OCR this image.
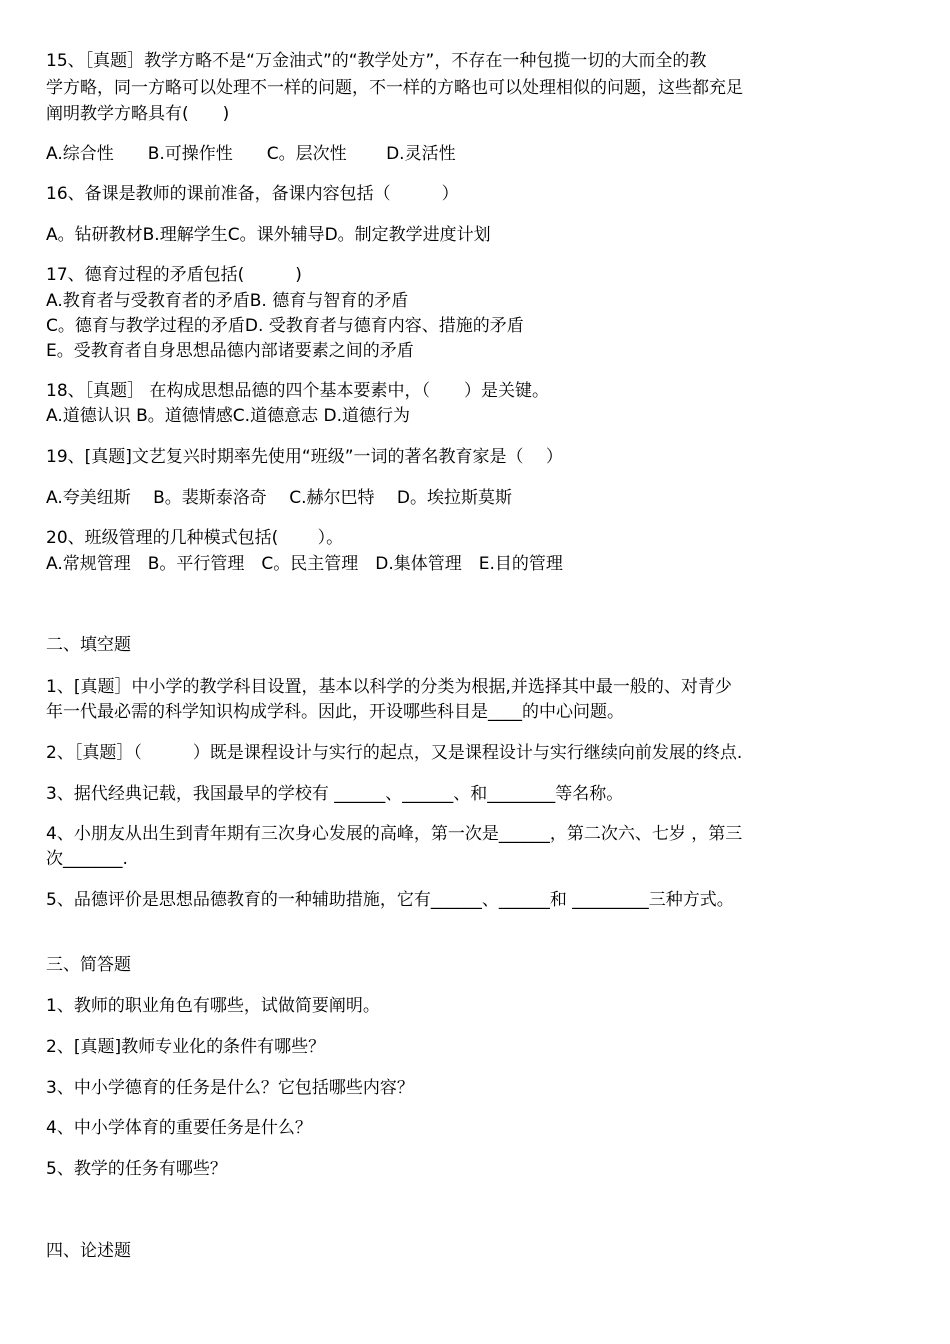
15、［真题］教学方略不是“万金油式”的“教学处方”，不存在一种包揽一切的大而全的教
学方略，同一方略可以处理不一样的问题，不一样的方略也可以处理相似的问题，这些都充足
阐明教学方略具有(　　)
A.综合性　　B.可操作性　　C。层次性　　 D.灵活性
16、备课是教师的课前准备，备课内容包括（　　　）
A。钻研教材B.理解学生C。课外辅导D。制定教学进度计划
17、德育过程的矛盾包括(　　　)
A.教育者与受教育者的矛盾B. 德育与智育的矛盾
C。德育与教学过程的矛盾D. 受教育者与德育内容、措施的矛盾
E。受教育者自身思想品德内部诸要素之间的矛盾
18、［真题］ 在构成思想品德的四个基本要素中，（　　）是关键。
A.道德认识 B。道德情感C.道德意志 D.道德行为
19、[真题]文艺复兴时期率先使用“班级”一词的著名教育家是（　 ）
A.夸美纽斯　 B。裴斯泰洛奇　 C.赫尔巴特　 D。埃拉斯莫斯
20、班级管理的几种模式包括(　　 ）。
A.常规管理　B。平行管理　C。民主管理　D.集体管理　E.目的管理
二、填空题
1、[真题］中小学的教学科目设置，基本以科学的分类为根据,并选择其中最一般的、对青少
年一代最必需的科学知识构成学科。因此，开设哪些科目是____的中心问题。
2、［真题］（　　　）既是课程设计与实行的起点，又是课程设计与实行继续向前发展的终点.
3、据代经典记载，我国最早的学校有 ______、______、和________等名称。
4、小朋友从出生到青年期有三次身心发展的高峰，第一次是______，第二次六、七岁 ，第三
次_______.
5、品德评价是思想品德教育的一种辅助措施，它有______、______和 _________三种方式。
三、简答题
1、教师的职业角色有哪些，试做简要阐明。
2、[真题]教师专业化的条件有哪些？
3、中小学德育的任务是什么？它包括哪些内容？
4、中小学体育的重要任务是什么？
5、教学的任务有哪些？
四、论述题
